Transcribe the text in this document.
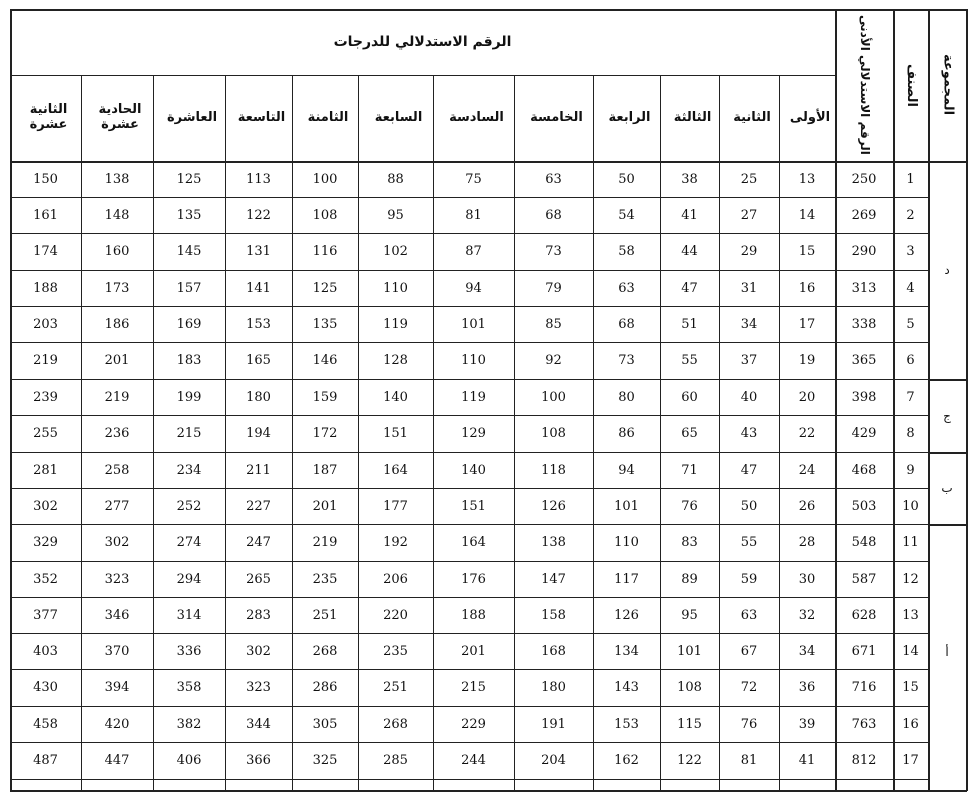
الرقم الاستدلالي للدرجات
المجموعة
الصنف
الرقم الاستدلالي الأدنى
الأولى
الثانية
الثالثة
الرابعة
الخامسة
السادسة
السابعة
الثامنة
التاسعة
العاشرة
الحادية عشرة
الثانية عشرة
1
250
13
25
38
50
63
75
88
100
113
125
138
150
2
269
14
27
41
54
68
81
95
108
122
135
148
161
3
290
15
29
44
58
73
87
102
116
131
145
160
174
4
313
16
31
47
63
79
94
110
125
141
157
173
188
5
338
17
34
51
68
85
101
119
135
153
169
186
203
6
365
19
37
55
73
92
110
128
146
165
183
201
219
7
398
20
40
60
80
100
119
140
159
180
199
219
239
8
429
22
43
65
86
108
129
151
172
194
215
236
255
9
468
24
47
71
94
118
140
164
187
211
234
258
281
10
503
26
50
76
101
126
151
177
201
227
252
277
302
11
548
28
55
83
110
138
164
192
219
247
274
302
329
12
587
30
59
89
117
147
176
206
235
265
294
323
352
13
628
32
63
95
126
158
188
220
251
283
314
346
377
14
671
34
67
101
134
168
201
235
268
302
336
370
403
15
716
36
72
108
143
180
215
251
286
323
358
394
430
16
763
39
76
115
153
191
229
268
305
344
382
420
458
17
812
41
81
122
162
204
244
285
325
366
406
447
487
د
ج
ب
أ
